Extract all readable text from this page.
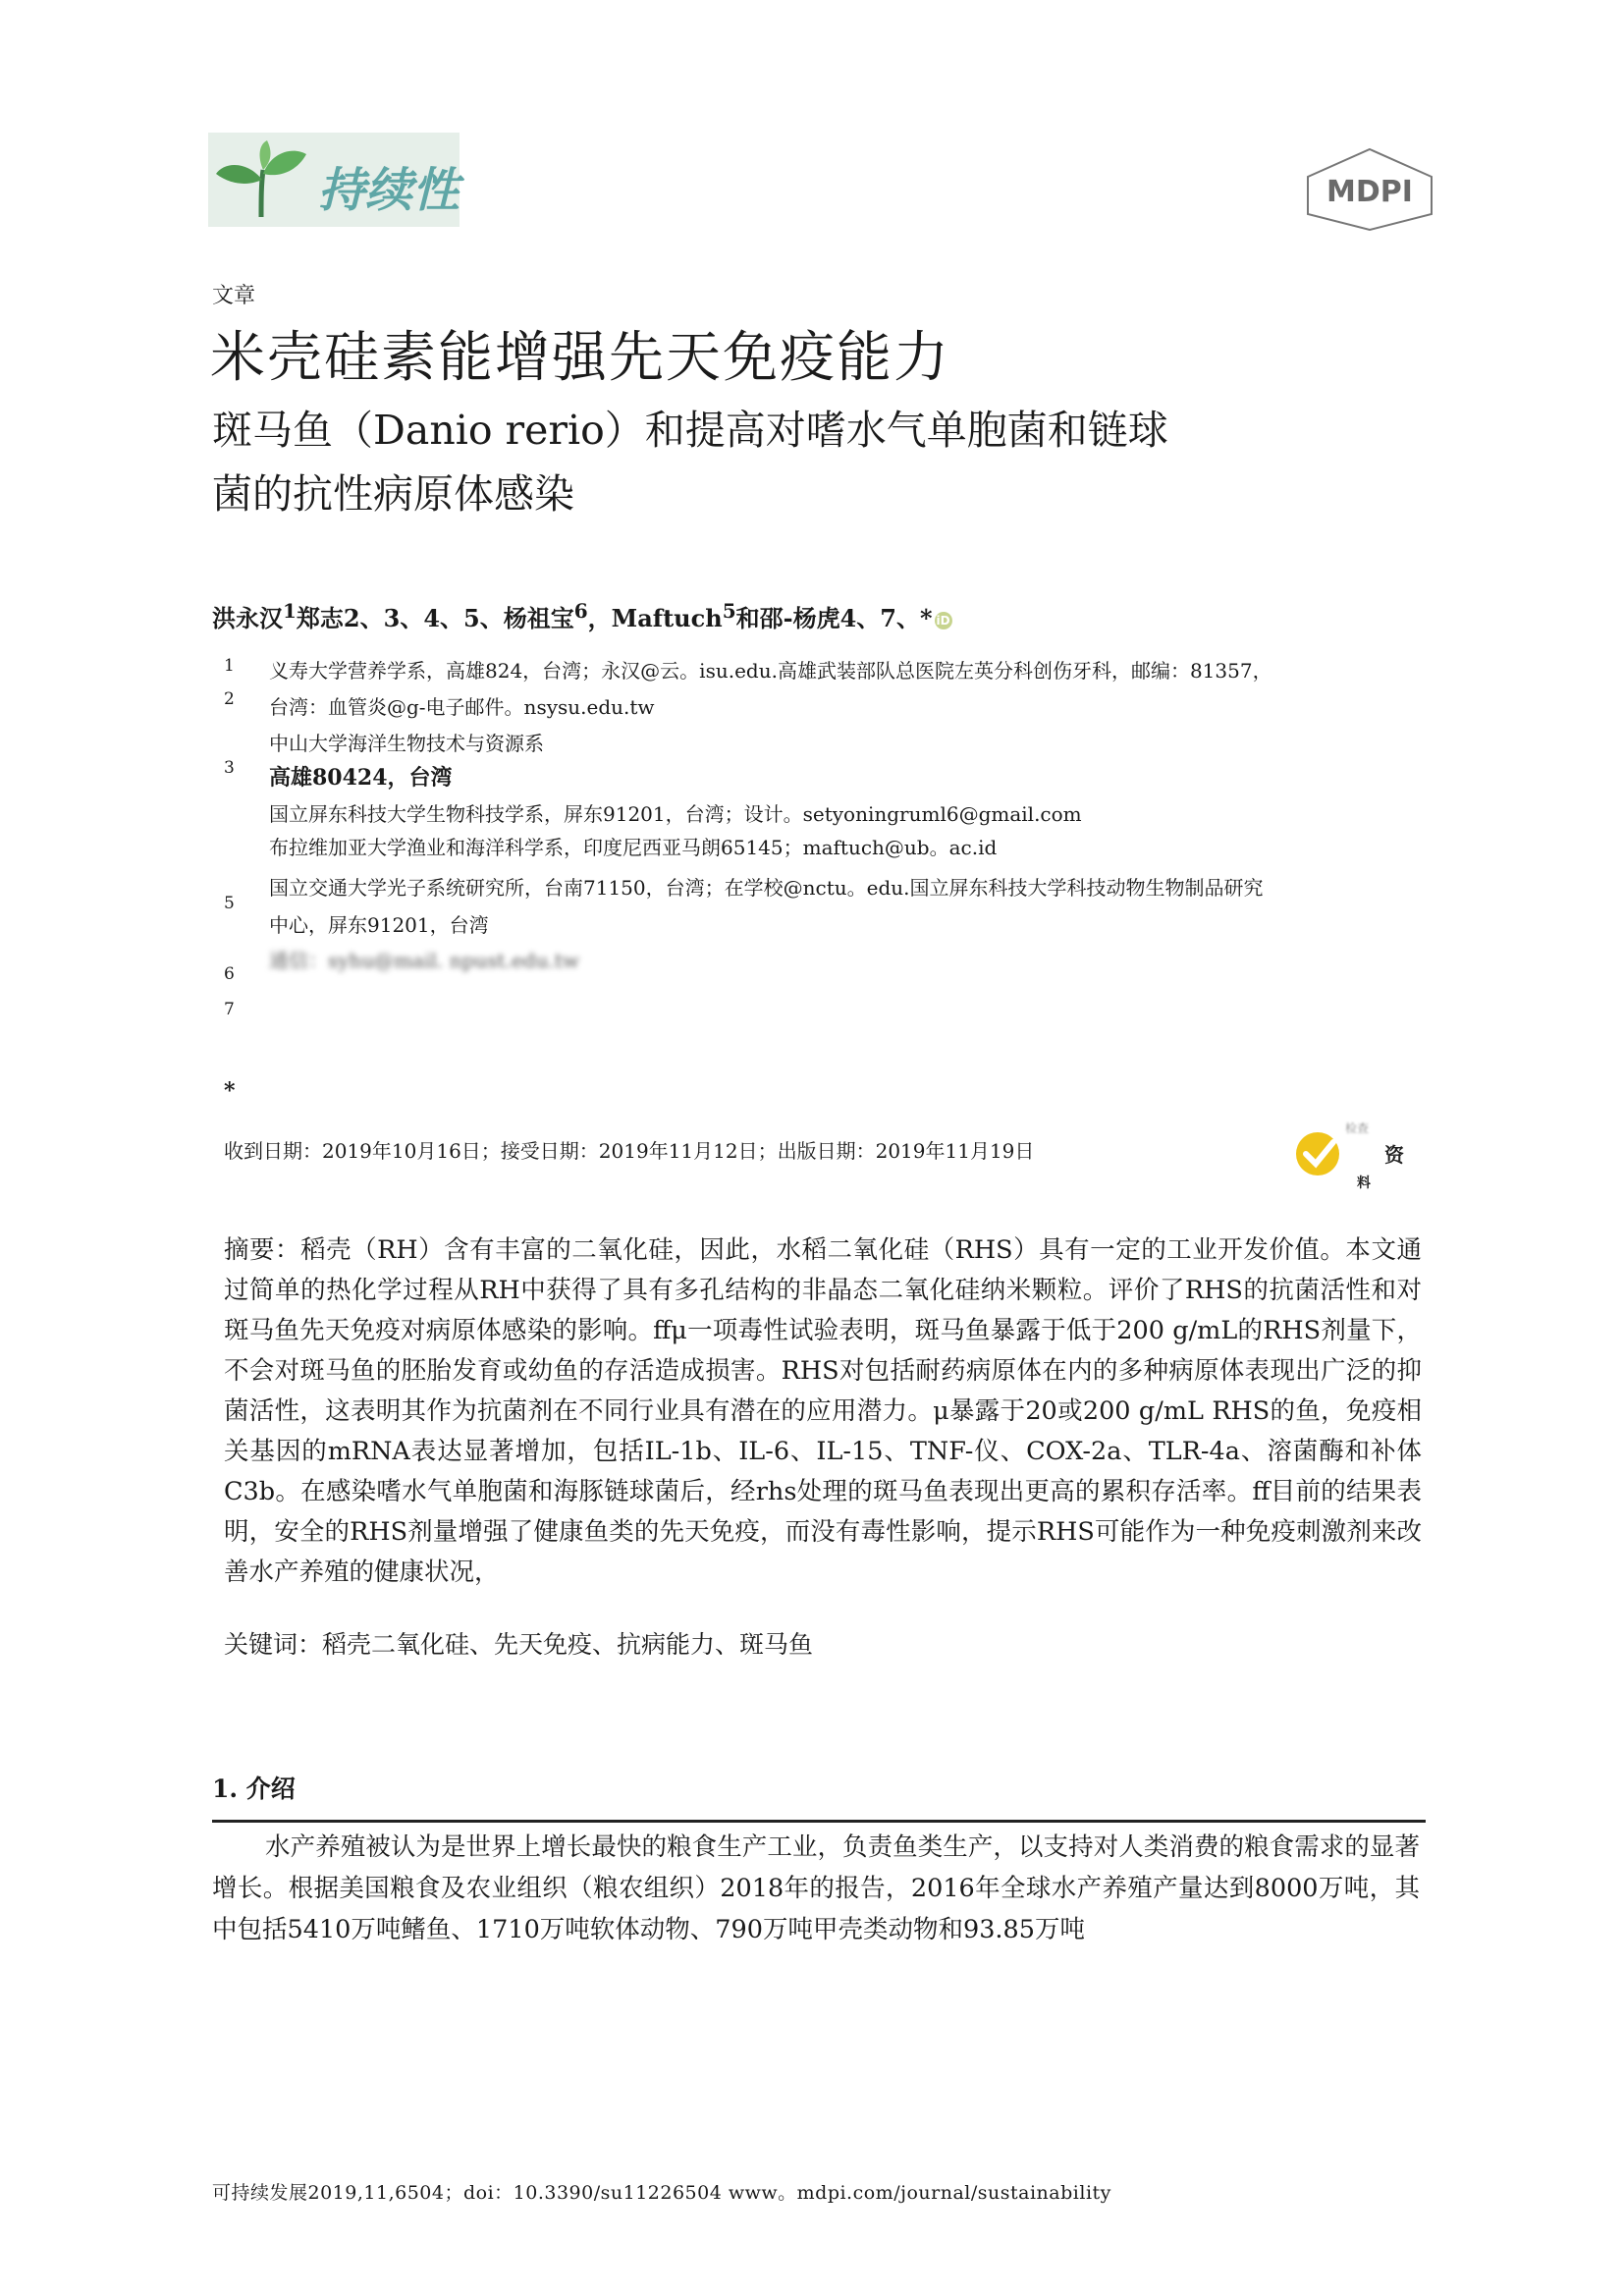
持续性	MDPI
文章
米壳硅素能增强先天免疫能力
斑马鱼（Danio rerio）和提高对嗜水气单胞菌和链球
菌的抗性病原体感染
洪永汉$^1$郑志2、3、4、5、杨祖宝$^6$，Maftuch$^5$和邵-杨虎4、7、* iD
1
2
3
5
6
7
义寿大学营养学系，高雄824，台湾；永汉@云。isu.edu.高雄武装部队总医院左英分科创伤牙科，邮编：81357，
台湾：血管炎@g-电子邮件。nsysu.edu.tw
中山大学海洋生物技术与资源系
高雄80424，台湾
国立屏东科技大学生物科技学系，屏东91201，台湾；设计。setyoningruml6@gmail.com
布拉维加亚大学渔业和海洋科学系，印度尼西亚马朗65145；maftuch@ub。ac.id
国立交通大学光子系统研究所，台南71150，台湾；在学校@nctu。edu.国立屏东科技大学科技动物生物制品研究
中心，屏东91201，台湾
通信：syhu@mail. npust.edu.tw
*
收到日期：2019年10月16日；接受日期：2019年11月12日；出版日期：2019年11月19日
检查
资
料
摘要：稻壳（RH）含有丰富的二氧化硅，因此，水稻二氧化硅（RHS）具有一定的工业开发价值。本文通过简单的热化学过程从RH中获得了具有多孔结构的非晶态二氧化硅纳米颗粒。评价了RHS的抗菌活性和对斑马鱼先天免疫对病原体感染的影响。ffμ一项毒性试验表明，斑马鱼暴露于低于200 g/mL的RHS剂量下，不会对斑马鱼的胚胎发育或幼鱼的存活造成损害。RHS对包括耐药病原体在内的多种病原体表现出广泛的抑菌活性，这表明其作为抗菌剂在不同行业具有潜在的应用潜力。μ暴露于20或200 g/mL RHS的鱼，免疫相关基因的mRNA表达显著增加，包括IL-1b、IL-6、IL-15、TNF-仪、COX-2a、TLR-4a、溶菌酶和补体C3b。在感染嗜水气单胞菌和海豚链球菌后，经rhs处理的斑马鱼表现出更高的累积存活率。ff目前的结果表明，安全的RHS剂量增强了健康鱼类的先天免疫，而没有毒性影响，提示RHS可能作为一种免疫刺激剂来改善水产养殖的健康状况，
关键词：稻壳二氧化硅、先天免疫、抗病能力、斑马鱼
1. 介绍
水产养殖被认为是世界上增长最快的粮食生产工业，负责鱼类生产，以支持对人类消费的粮食需求的显著增长。根据美国粮食及农业组织（粮农组织）2018年的报告，2016年全球水产养殖产量达到8000万吨，其中包括5410万吨鳍鱼、1710万吨软体动物、790万吨甲壳类动物和93.85万吨
可持续发展2019,11,6504；doi：10.3390/su11226504 www。mdpi.com/journal/sustainability
